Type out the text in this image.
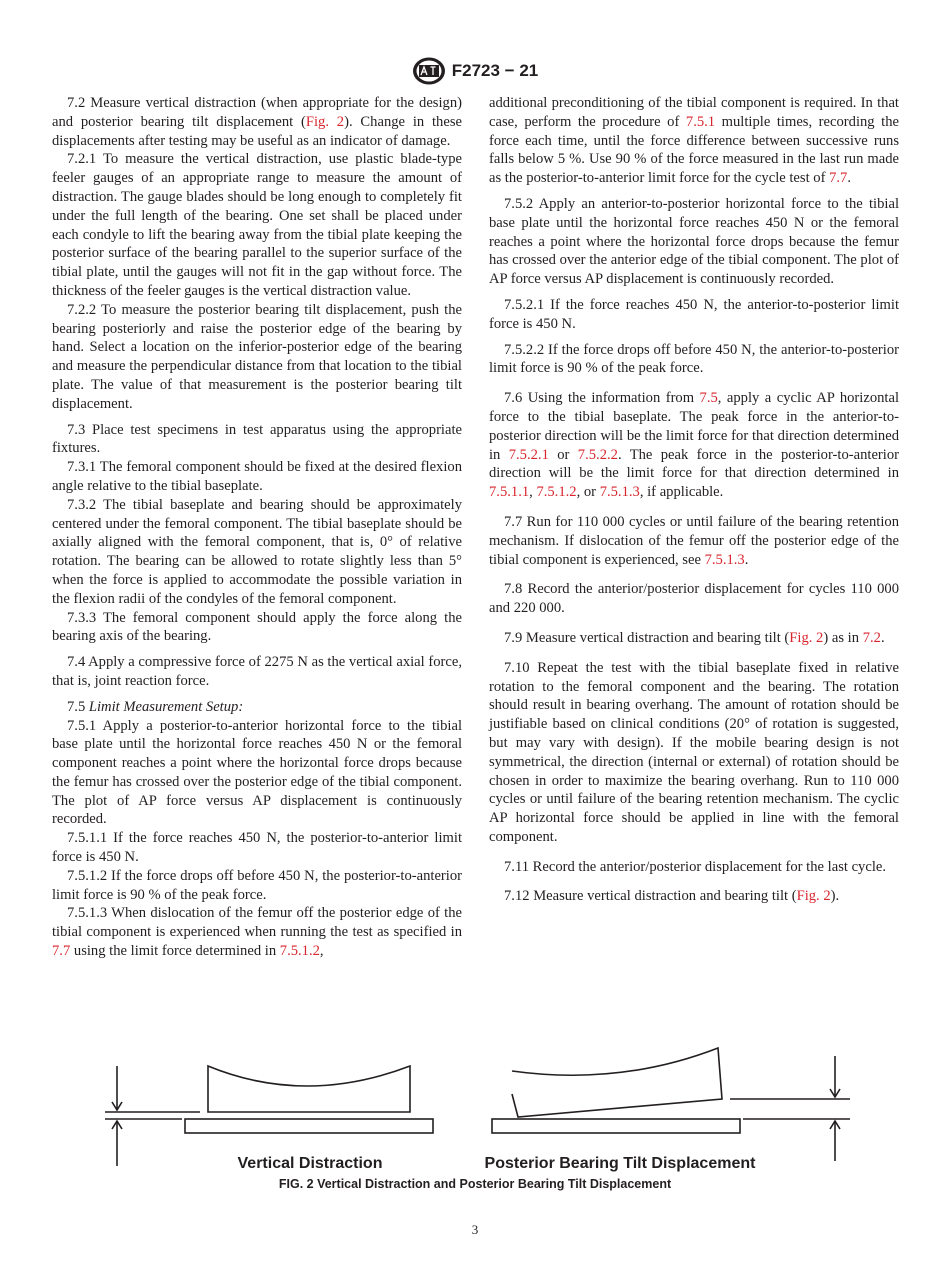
F2723 − 21

7.2 Measure vertical distraction (when appropriate for the design) and posterior bearing tilt displacement (Fig. 2). Change in these displacements after testing may be useful as an indicator of damage.

7.2.1 To measure the vertical distraction, use plastic blade-type feeler gauges of an appropriate range to measure the amount of distraction. The gauge blades should be long enough to completely fit under the full length of the bearing. One set shall be placed under each condyle to lift the bearing away from the tibial plate keeping the posterior surface of the bearing parallel to the superior surface of the tibial plate, until the gauges will not fit in the gap without force. The thickness of the feeler gauges is the vertical distraction value.

7.2.2 To measure the posterior bearing tilt displacement, push the bearing posteriorly and raise the posterior edge of the bearing by hand. Select a location on the inferior-posterior edge of the bearing and measure the perpendicular distance from that location to the tibial plate. The value of that measurement is the posterior bearing tilt displacement.

7.3 Place test specimens in test apparatus using the appropriate fixtures.

7.3.1 The femoral component should be fixed at the desired flexion angle relative to the tibial baseplate.

7.3.2 The tibial baseplate and bearing should be approximately centered under the femoral component. The tibial baseplate should be axially aligned with the femoral component, that is, 0° of relative rotation. The bearing can be allowed to rotate slightly less than 5° when the force is applied to accommodate the possible variation in the flexion radii of the condyles of the femoral component.

7.3.3 The femoral component should apply the force along the bearing axis of the bearing.

7.4 Apply a compressive force of 2275 N as the vertical axial force, that is, joint reaction force.

7.5 Limit Measurement Setup:

7.5.1 Apply a posterior-to-anterior horizontal force to the tibial base plate until the horizontal force reaches 450 N or the femoral component reaches a point where the horizontal force drops because the femur has crossed over the posterior edge of the tibial component. The plot of AP force versus AP displacement is continuously recorded.

7.5.1.1 If the force reaches 450 N, the posterior-to-anterior limit force is 450 N.

7.5.1.2 If the force drops off before 450 N, the posterior-to-anterior limit force is 90 % of the peak force.

7.5.1.3 When dislocation of the femur off the posterior edge of the tibial component is experienced when running the test as specified in 7.7 using the limit force determined in 7.5.1.2,

additional preconditioning of the tibial component is required. In that case, perform the procedure of 7.5.1 multiple times, recording the force each time, until the force difference between successive runs falls below 5 %. Use 90 % of the force measured in the last run made as the posterior-to-anterior limit force for the cycle test of 7.7.

7.5.2 Apply an anterior-to-posterior horizontal force to the tibial base plate until the horizontal force reaches 450 N or the femoral reaches a point where the horizontal force drops because the femur has crossed over the anterior edge of the tibial component. The plot of AP force versus AP displacement is continuously recorded.

7.5.2.1 If the force reaches 450 N, the anterior-to-posterior limit force is 450 N.

7.5.2.2 If the force drops off before 450 N, the anterior-to-posterior limit force is 90 % of the peak force.

7.6 Using the information from 7.5, apply a cyclic AP horizontal force to the tibial baseplate. The peak force in the anterior-to-posterior direction will be the limit force for that direction determined in 7.5.2.1 or 7.5.2.2. The peak force in the posterior-to-anterior direction will be the limit force for that direction determined in 7.5.1.1, 7.5.1.2, or 7.5.1.3, if applicable.

7.7 Run for 110 000 cycles or until failure of the bearing retention mechanism. If dislocation of the femur off the posterior edge of the tibial component is experienced, see 7.5.1.3.

7.8 Record the anterior/posterior displacement for cycles 110 000 and 220 000.

7.9 Measure vertical distraction and bearing tilt (Fig. 2) as in 7.2.

7.10 Repeat the test with the tibial baseplate fixed in relative rotation to the femoral component and the bearing. The rotation should result in bearing overhang. The amount of rotation should be justifiable based on clinical conditions (20° of rotation is suggested, but may vary with design). If the mobile bearing design is not symmetrical, the direction (internal or external) of rotation should be chosen in order to maximize the bearing overhang. Run to 110 000 cycles or until failure of the bearing retention mechanism. The cyclic AP horizontal force should be applied in line with the femoral component.

7.11 Record the anterior/posterior displacement for the last cycle.

7.12 Measure vertical distraction and bearing tilt (Fig. 2).

Vertical Distraction	Posterior Bearing Tilt Displacement
FIG. 2 Vertical Distraction and Posterior Bearing Tilt Displacement
3
